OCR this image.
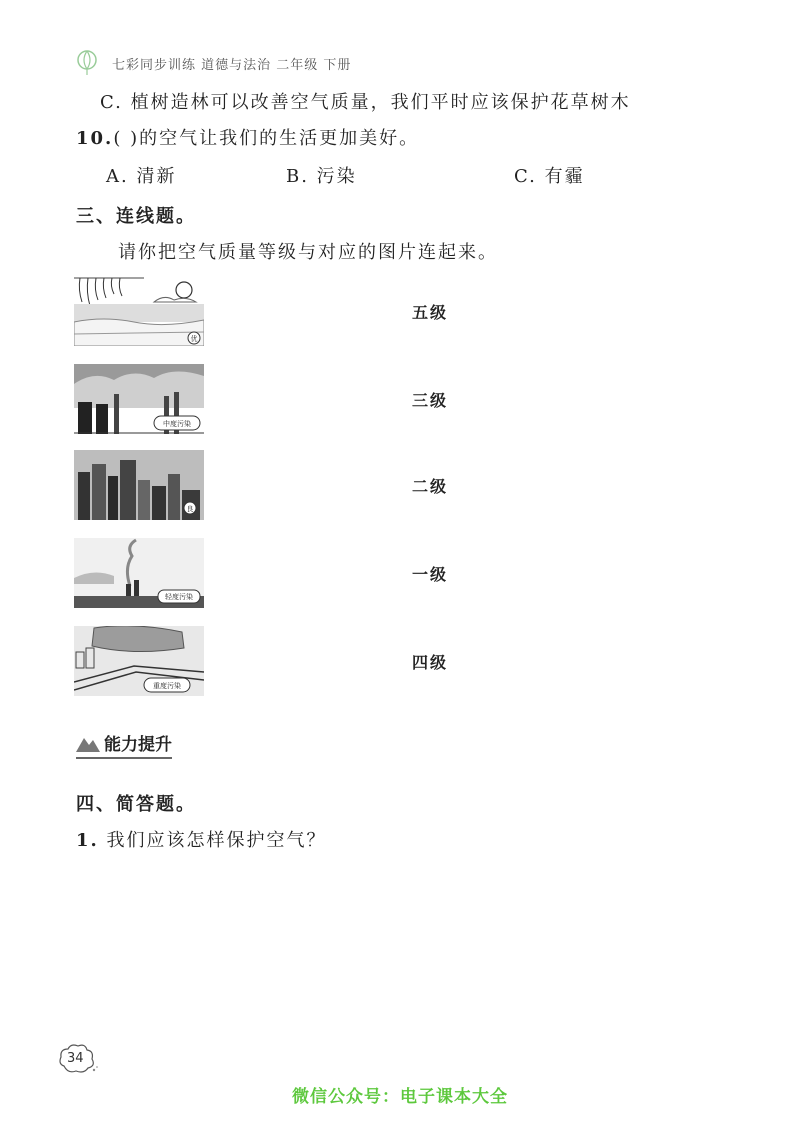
七彩同步训练 道德与法治 二年级 下册
C. 植树造林可以改善空气质量，我们平时应该保护花草树木
10.( )的空气让我们的生活更加美好。
A. 清新	B. 污染	C. 有霾
三、连线题。
请你把空气质量等级与对应的图片连起来。
优
五级
中度污染
三级
良
二级
轻度污染
一级
重度污染
四级
能力提升
四、简答题。
1. 我们应该怎样保护空气？
34
微信公众号：电子课本大全
